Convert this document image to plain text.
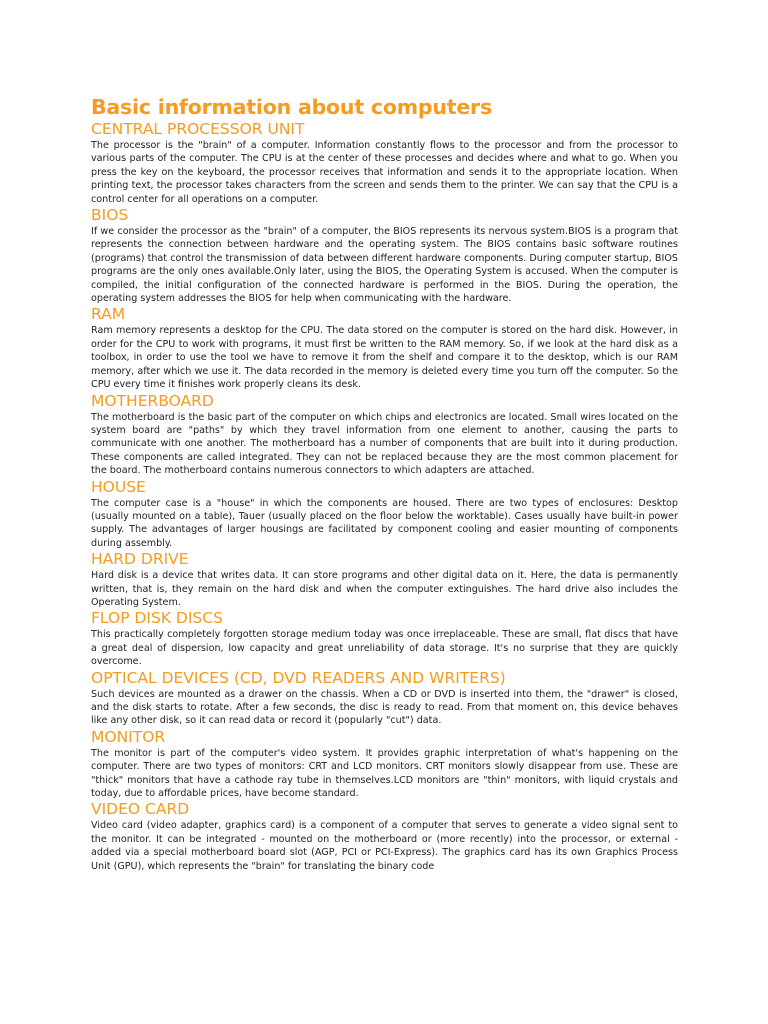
Basic information about computers
CENTRAL PROCESSOR UNIT

The processor is the "brain" of a computer. Information constantly flows to the processor and from the processor to various parts of the computer. The CPU is at the center of these processes and decides where and what to go. When you press the key on the keyboard, the processor receives that information and sends it to the appropriate location. When printing text, the processor takes characters from the screen and sends them to the printer. We can say that the CPU is a control center for all operations on a computer.

BIOS

If we consider the processor as the "brain" of a computer, the BIOS represents its nervous system.BIOS is a program that represents the connection between hardware and the operating system. The BIOS contains basic software routines (programs) that control the transmission of data between different hardware components. During computer startup, BIOS programs are the only ones available.Only later, using the BIOS, the Operating System is accused. When the computer is compiled, the initial configuration of the connected hardware is performed in the BIOS. During the operation, the operating system addresses the BIOS for help when communicating with the hardware.

RAM

Ram memory represents a desktop for the CPU. The data stored on the computer is stored on the hard disk. However, in order for the CPU to work with programs, it must first be written to the RAM memory. So, if we look at the hard disk as a toolbox, in order to use the tool we have to remove it from the shelf and compare it to the desktop, which is our RAM memory, after which we use it. The data recorded in the memory is deleted every time you turn off the computer. So the CPU every time it finishes work properly cleans its desk.

MOTHERBOARD

The motherboard is the basic part of the computer on which chips and electronics are located. Small wires located on the system board are "paths" by which they travel information from one element to another, causing the parts to communicate with one another. The motherboard has a number of components that are built into it during production. These components are called integrated. They can not be replaced because they are the most common placement for the board. The motherboard contains numerous connectors to which adapters are attached.

HOUSE

The computer case is a "house" in which the components are housed. There are two types of enclosures: Desktop (usually mounted on a table), Tauer (usually placed on the floor below the worktable). Cases usually have built-in power supply. The advantages of larger housings are facilitated by component cooling and easier mounting of components during assembly.

HARD DRIVE

Hard disk is a device that writes data. It can store programs and other digital data on it. Here, the data is permanently written, that is, they remain on the hard disk and when the computer extinguishes. The hard drive also includes the Operating System.

FLOP DISK DISCS

This practically completely forgotten storage medium today was once irreplaceable. These are small, flat discs that have a great deal of dispersion, low capacity and great unreliability of data storage. It's no surprise that they are quickly overcome.

OPTICAL DEVICES (CD, DVD READERS AND WRITERS)

Such devices are mounted as a drawer on the chassis. When a CD or DVD is inserted into them, the "drawer" is closed, and the disk starts to rotate. After a few seconds, the disc is ready to read. From that moment on, this device behaves like any other disk, so it can read data or record it (popularly "cut") data.

MONITOR

The monitor is part of the computer's video system. It provides graphic interpretation of what's happening on the computer. There are two types of monitors: CRT and LCD monitors. CRT monitors slowly disappear from use. These are "thick" monitors that have a cathode ray tube in themselves.LCD monitors are "thin" monitors, with liquid crystals and today, due to affordable prices, have become standard.

VIDEO CARD

Video card (video adapter, graphics card) is a component of a computer that serves to generate a video signal sent to the monitor. It can be integrated - mounted on the motherboard or (more recently) into the processor, or external - added via a special motherboard board slot (AGP, PCI or PCI-Express). The graphics card has its own Graphics Process Unit (GPU), which represents the "brain" for translating the binary code
